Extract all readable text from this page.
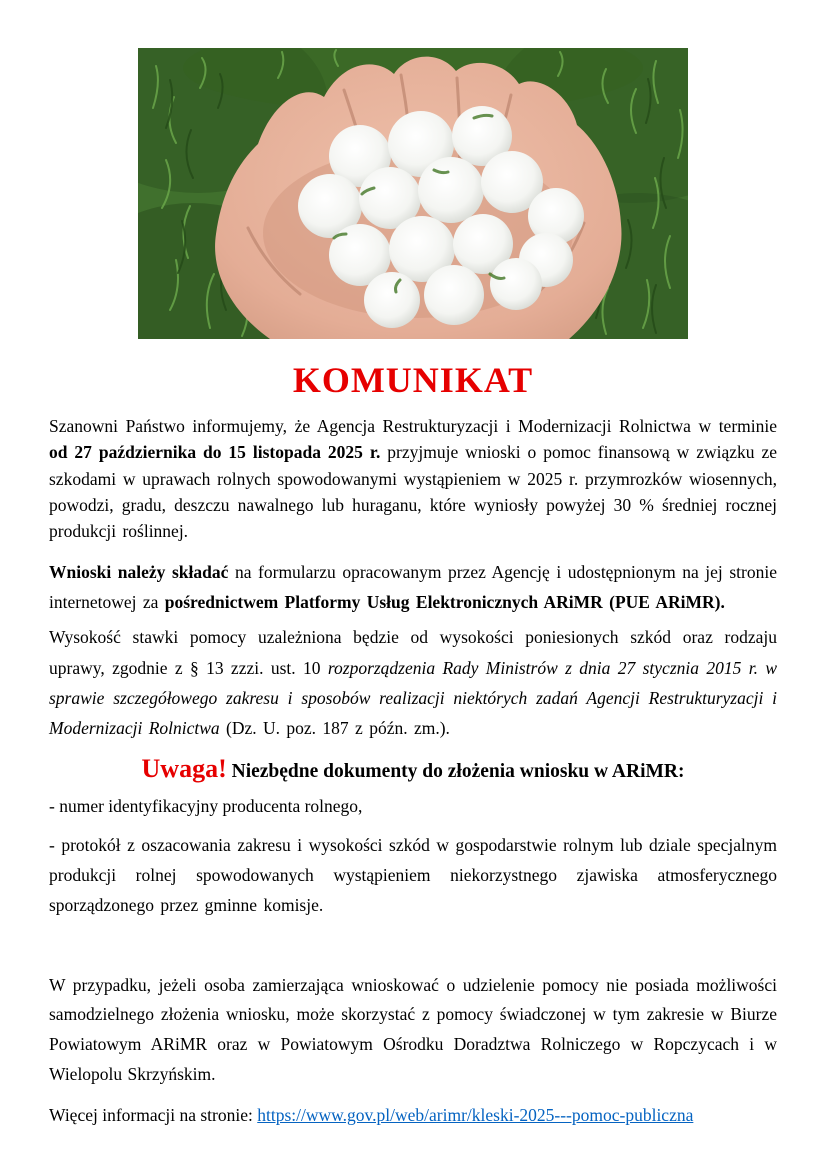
KOMUNIKAT

Szanowni Państwo informujemy, że Agencja Restrukturyzacji i Modernizacji Rolnictwa w terminie od 27 października do 15 listopada 2025 r. przyjmuje wnioski o pomoc finansową w związku ze szkodami w uprawach rolnych spowodowanymi wystąpieniem w 2025 r. przymrozków wiosennych, powodzi, gradu, deszczu nawalnego lub huraganu, które wyniosły powyżej 30 % średniej rocznej produkcji roślinnej.

Wnioski należy składać na formularzu opracowanym przez Agencję i udostępnionym na jej stronie internetowej za pośrednictwem Platformy Usług Elektronicznych ARiMR (PUE ARiMR).

Wysokość stawki pomocy uzależniona będzie od wysokości poniesionych szkód oraz rodzaju uprawy, zgodnie z § 13 zzzi. ust. 10 rozporządzenia Rady Ministrów z dnia 27 stycznia 2015 r. w sprawie szczegółowego zakresu i sposobów realizacji niektórych zadań Agencji Restrukturyzacji i Modernizacji Rolnictwa (Dz. U. poz. 187 z późn. zm.).

Uwaga! Niezbędne dokumenty do złożenia wniosku w ARiMR:

- numer identyfikacyjny producenta rolnego,

- protokół z oszacowania zakresu i wysokości szkód w gospodarstwie rolnym lub dziale specjalnym produkcji rolnej spowodowanych wystąpieniem niekorzystnego zjawiska atmosferycznego sporządzonego przez gminne komisje.

W przypadku, jeżeli osoba zamierzająca wnioskować o udzielenie pomocy nie posiada możliwości samodzielnego złożenia wniosku, może skorzystać z pomocy świadczonej w tym zakresie w Biurze Powiatowym ARiMR oraz w Powiatowym Ośrodku Doradztwa Rolniczego w Ropczycach i w Wielopolu Skrzyńskim.

Więcej informacji na stronie: https://www.gov.pl/web/arimr/kleski-2025---pomoc-publiczna
